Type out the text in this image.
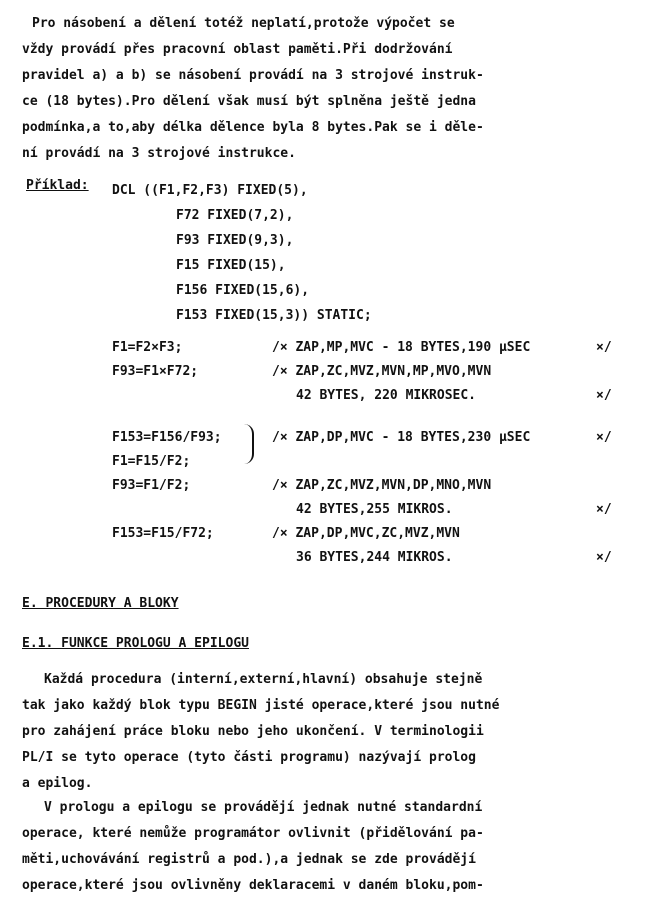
Pro násobení a dělení totéž neplatí,protože výpočet se
vždy provádí přes pracovní oblast paměti.Při dodržování
pravidel a) a b) se násobení provádí na 3 strojové instruk-
ce (18 bytes).Pro dělení však musí být splněna ještě jedna
podmínka,a to,aby délka dělence byla 8 bytes.Pak se i děle-
ní provádí na 3 strojové instrukce.
Příklad: DCL ((F1,F2,F3) FIXED(5),
F72 FIXED(7,2),
F93 FIXED(9,3),
F15 FIXED(15),
F156 FIXED(15,6),
F153 FIXED(15,3)) STATIC;
F1=F2×F3;	/× ZAP,MP,MVC - 18 BYTES,190 µSEC	×/
F93=F1×F72;	/× ZAP,ZC,MVZ,MVN,MP,MVO,MVN
42 BYTES, 220 MIKROSEC.	×/
F153=F156/F93;	/× ZAP,DP,MVC - 18 BYTES,230 µSEC	×/
F1=F15/F2;
F93=F1/F2;	/× ZAP,ZC,MVZ,MVN,DP,MNO,MVN
42 BYTES,255 MIKROS.	×/
F153=F15/F72;	/× ZAP,DP,MVC,ZC,MVZ,MVN
36 BYTES,244 MIKROS.	×/
E. PROCEDURY A BLOKY
E.1. FUNKCE PROLOGU A EPILOGU
Každá procedura (interní,externí,hlavní) obsahuje stejně
tak jako každý blok typu BEGIN jisté operace,které jsou nutné
pro zahájení práce bloku nebo jeho ukončení. V terminologii
PL/I se tyto operace (tyto části programu) nazývají prolog
a epilog.
V prologu a epilogu se provádějí jednak nutné standardní
operace, které nemůže programátor ovlivnit (přidělování pa-
měti,uchovávání registrů a pod.),a jednak se zde provádějí
operace,které jsou ovlivněny deklaracemi v daném bloku,pom-
